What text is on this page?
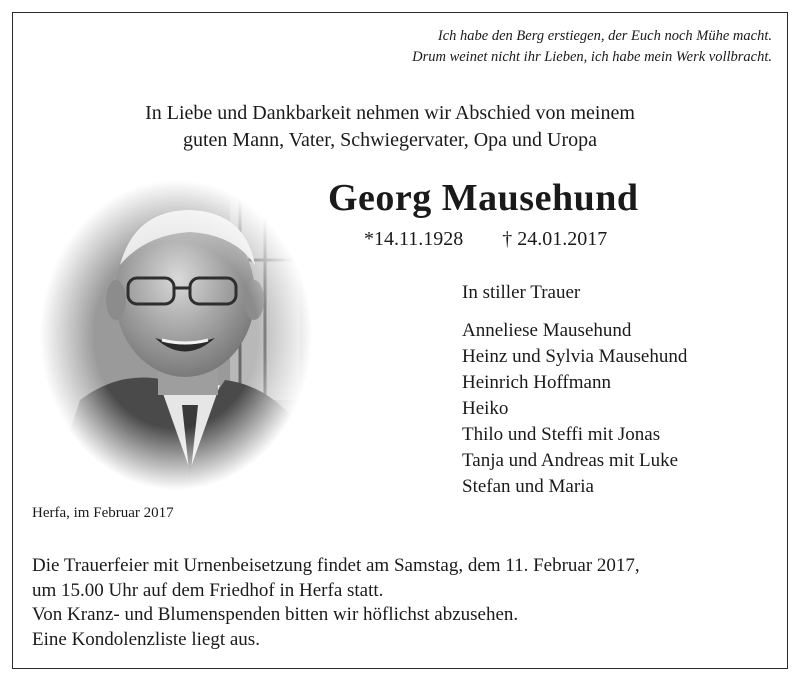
Ich habe den Berg erstiegen, der Euch noch Mühe macht.
Drum weinet nicht ihr Lieben, ich habe mein Werk vollbracht.
In Liebe und Dankbarkeit nehmen wir Abschied von meinem
guten Mann, Vater, Schwiegervater, Opa und Uropa
Georg Mausehund
*14.11.1928 † 24.01.2017
In stiller Trauer
Anneliese Mausehund
Heinz und Sylvia Mausehund
Heinrich Hoffmann
Heiko
Thilo und Steffi mit Jonas
Tanja und Andreas mit Luke
Stefan und Maria
Herfa, im Februar 2017
Die Trauerfeier mit Urnenbeisetzung findet am Samstag, dem 11. Februar 2017,
um 15.00 Uhr auf dem Friedhof in Herfa statt.
Von Kranz- und Blumenspenden bitten wir höflichst abzusehen.
Eine Kondolenzliste liegt aus.
